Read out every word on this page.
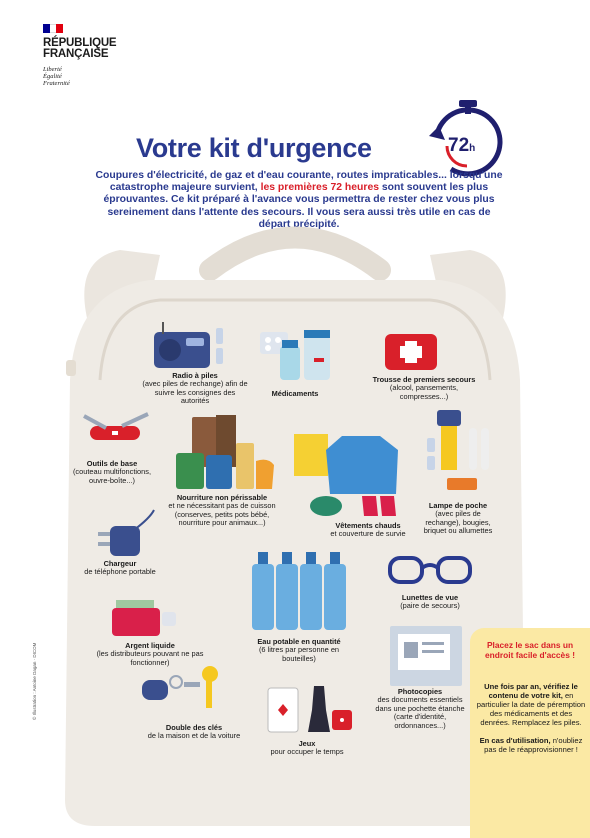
RÉPUBLIQUE
FRANÇAISE
Liberté
Égalité
Fraternité
Votre kit d'urgence	72h
Coupures d'électricité, de gaz et d'eau courante, routes impraticables... lorsqu'une catastrophe majeure survient, les premières 72 heures sont souvent les plus éprouvantes. Ce kit préparé à l'avance vous permettra de rester chez vous plus sereinement dans l'attente des secours. Il vous sera aussi très utile en cas de départ précipité.
Radio à piles
(avec piles de rechange) afin de suivre les consignes des autorités
Médicaments
Trousse de premiers secours
(alcool, pansements, compresses...)
Outils de base
(couteau multifonctions, ouvre-boîte...)
Nourriture non périssable
et ne nécessitant pas de cuisson (conserves, petits pots bébé, nourriture pour animaux...)	Vêtements chauds
et couverture de survie
Lampe de poche
(avec piles de rechange), bougies, briquet ou allumettes
Chargeur
de téléphone portable
Lunettes de vue
(paire de secours)
Argent liquide
(les distributeurs pouvant ne pas fonctionner)
Eau potable en quantité
(6 litres par personne en bouteilles)
Photocopies
des documents essentiels dans une pochette étanche (carte d'identité, ordonnances...)
Double des clés
de la maison et de la voiture
Jeux
pour occuper le temps
Placez le sac dans un endroit facile d'accès !
Une fois par an, vérifiez le contenu de votre kit, en particulier la date de péremption des médicaments et des denrées. Remplacez les piles.

En cas d'utilisation, n'oubliez pas de le réapprovisionner !
© Illustration : Antoine Dagan · DICOM
